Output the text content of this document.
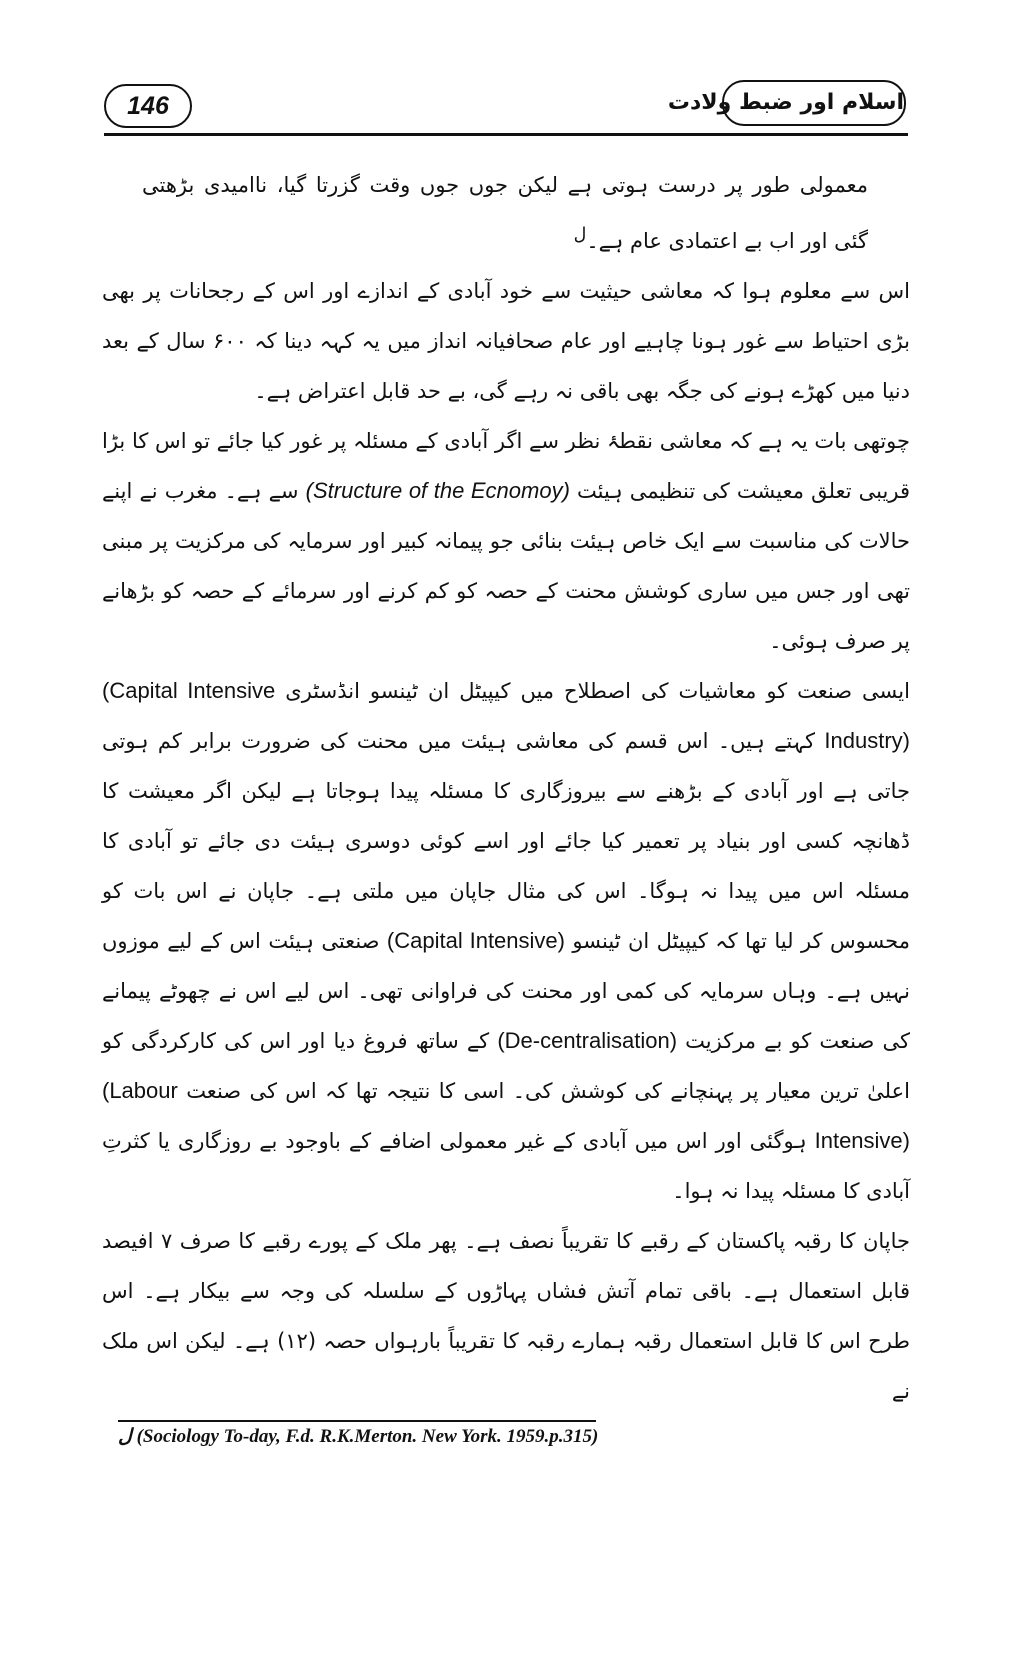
146	اسلام اور ضبط ولادت

معمولی طور پر درست ہوتی ہے لیکن جوں جوں وقت گزرتا گیا، ناامیدی بڑھتی گئی اور اب بے اعتمادی عام ہے۔$^ل$

اس سے معلوم ہوا کہ معاشی حیثیت سے خود آبادی کے اندازے اور اس کے رجحانات پر بھی بڑی احتیاط سے غور ہونا چاہیے اور عام صحافیانہ انداز میں یہ کہہ دینا کہ ۶۰۰ سال کے بعد دنیا میں کھڑے ہونے کی جگہ بھی باقی نہ رہے گی، بے حد قابل اعتراض ہے۔

چوتھی بات یہ ہے کہ معاشی نقطۂ نظر سے اگر آبادی کے مسئلہ پر غور کیا جائے تو اس کا بڑا قریبی تعلق معیشت کی تنظیمی ہیئت (Structure of the Ecnomoy) سے ہے۔ مغرب نے اپنے حالات کی مناسبت سے ایک خاص ہیئت بنائی جو پیمانہ کبیر اور سرمایہ کی مرکزیت پر مبنی تھی اور جس میں ساری کوشش محنت کے حصہ کو کم کرنے اور سرمائے کے حصہ کو بڑھانے پر صرف ہوئی۔

ایسی صنعت کو معاشیات کی اصطلاح میں کیپیٹل ان ٹینسو انڈسٹری (Capital Intensive Industry) کہتے ہیں۔ اس قسم کی معاشی ہیئت میں محنت کی ضرورت برابر کم ہوتی جاتی ہے اور آبادی کے بڑھنے سے بیروزگاری کا مسئلہ پیدا ہوجاتا ہے لیکن اگر معیشت کا ڈھانچہ کسی اور بنیاد پر تعمیر کیا جائے اور اسے کوئی دوسری ہیئت دی جائے تو آبادی کا مسئلہ اس میں پیدا نہ ہوگا۔ اس کی مثال جاپان میں ملتی ہے۔ جاپان نے اس بات کو محسوس کر لیا تھا کہ کیپیٹل ان ٹینسو (Capital Intensive) صنعتی ہیئت اس کے لیے موزوں نہیں ہے۔ وہاں سرمایہ کی کمی اور محنت کی فراوانی تھی۔ اس لیے اس نے چھوٹے پیمانے کی صنعت کو بے مرکزیت (De-centralisation) کے ساتھ فروغ دیا اور اس کی کارکردگی کو اعلیٰ ترین معیار پر پہنچانے کی کوشش کی۔ اسی کا نتیجہ تھا کہ اس کی صنعت (Labour Intensive) ہوگئی اور اس میں آبادی کے غیر معمولی اضافے کے باوجود بے روزگاری یا کثرتِ آبادی کا مسئلہ پیدا نہ ہوا۔

جاپان کا رقبہ پاکستان کے رقبے کا تقریباً نصف ہے۔ پھر ملک کے پورے رقبے کا صرف ۷ افیصد قابل استعمال ہے۔ باقی تمام آتش فشاں پہاڑوں کے سلسلہ کی وجہ سے بیکار ہے۔ اس طرح اس کا قابل استعمال رقبہ ہمارے رقبہ کا تقریباً بارہواں حصہ (۱۲) ہے۔ لیکن اس ملک نے

ل (Sociology To-day, F.d. R.K.Merton. New York. 1959.p.315)
